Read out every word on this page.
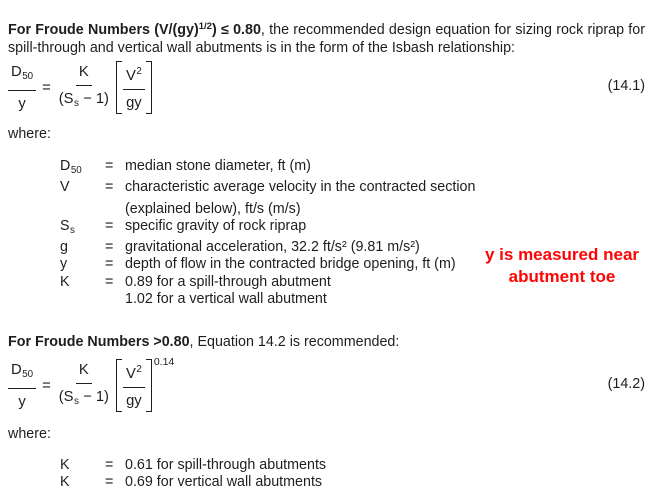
For Froude Numbers (V/(gy)$^{1/2}$) ≤ 0.80, the recommended design equation for sizing rock riprap for spill-through and vertical wall abutments is in the form of the Isbash relationship:

$\frac{D_{50}}{y} = \frac{K}{(S_s - 1)} \frac{V^2}{gy}$	(14.1)
where:
$D_{50}$	= median stone diameter, ft (m)
V	= characteristic average velocity in the contracted section
(explained below), ft/s (m/s)
$S_s$	= specific gravity of rock riprap
g	= gravitational acceleration, 32.2 ft/s² (9.81 m/s²)
y	= depth of flow in the contracted bridge opening, ft (m)
K	= 0.89 for a spill-through abutment
1.02 for a vertical wall abutment
y is measured near
abutment toe

For Froude Numbers >0.80, Equation 14.2 is recommended:

$\frac{D_{50}}{y} = \frac{K}{(S_s - 1)} \frac{V^2}{gy} 0.14$
(14.2)
where:
K	= 0.61 for spill-through abutments
K	= 0.69 for vertical wall abutments
